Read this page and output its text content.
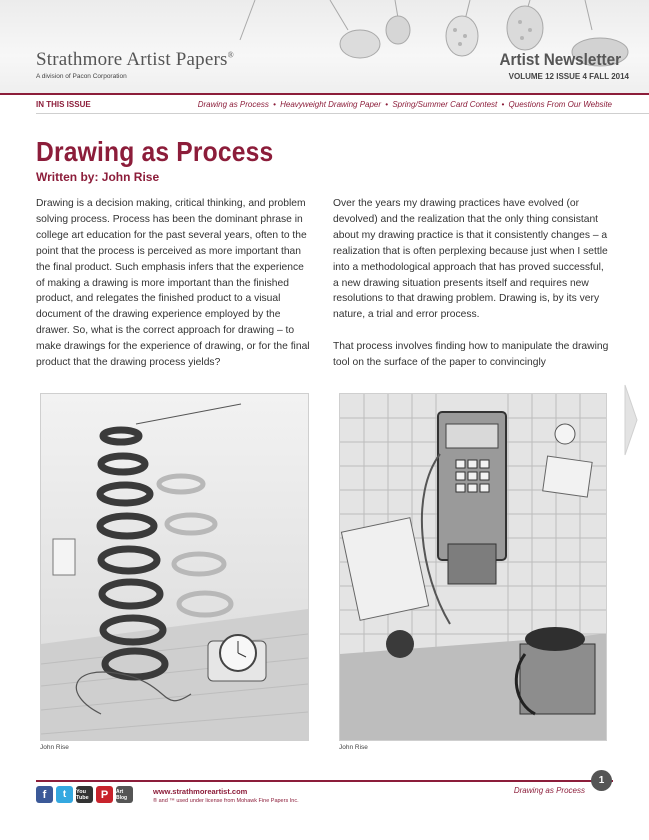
Strathmore Artist Papers®
A division of Pacon Corporation
Artist Newsletter
VOLUME 12 ISSUE 4 FALL 2014
IN THIS ISSUE	Drawing as Process • Heavyweight Drawing Paper • Spring/Summer Card Contest • Questions From Our Website
Drawing as Process
Written by: John Rise

Drawing is a decision making, critical thinking, and problem solving process. Process has been the dominant phrase in college art education for the past several years, often to the point that the process is perceived as more important than the final product. Such emphasis infers that the experience of making a drawing is more important than the finished product, and relegates the finished product to a visual document of the drawing experience employed by the drawer. So, what is the correct approach for drawing – to make drawings for the experience of drawing, or for the final product that the drawing process yields?

Over the years my drawing practices have evolved (or devolved) and the realization that the only thing consistant about my drawing practice is that it consistently changes – a realization that is often perplexing because just when I settle into a methodological approach that has proved successful, a new drawing situation presents itself and requires new resolutions to that drawing problem. Drawing is, by its very nature, a trial and error process.

That process involves finding how to manipulate the drawing tool on the surface of the paper to convincingly

John Rise	John Rise
f	t	You Tube	P	Art Blog
www.strathmoreartist.com
® and ™ used under license from Mohawk Fine Papers Inc.
Drawing as Process
1
